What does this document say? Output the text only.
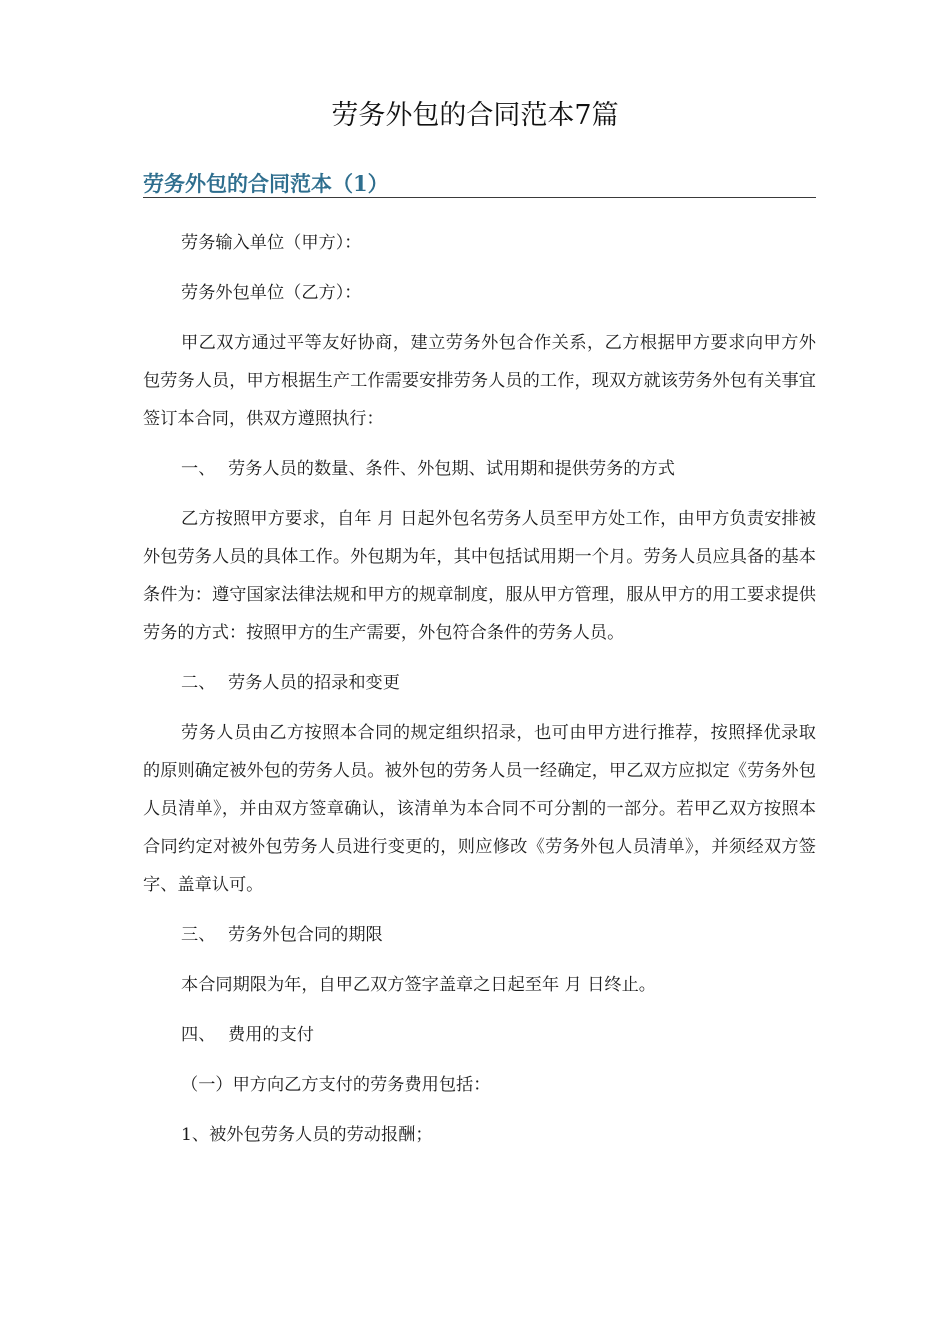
劳务外包的合同范本7篇
劳务外包的合同范本（1）

劳务输入单位（甲方）：

劳务外包单位（乙方）：

甲乙双方通过平等友好协商，建立劳务外包合作关系，乙方根据甲方要求向甲方外包劳务人员，甲方根据生产工作需要安排劳务人员的工作，现双方就该劳务外包有关事宜签订本合同，供双方遵照执行：

一、 劳务人员的数量、条件、外包期、试用期和提供劳务的方式

乙方按照甲方要求，自年 月 日起外包名劳务人员至甲方处工作，由甲方负责安排被外包劳务人员的具体工作。外包期为年，其中包括试用期一个月。劳务人员应具备的基本条件为：遵守国家法律法规和甲方的规章制度，服从甲方管理，服从甲方的用工要求提供劳务的方式：按照甲方的生产需要，外包符合条件的劳务人员。

二、 劳务人员的招录和变更

劳务人员由乙方按照本合同的规定组织招录，也可由甲方进行推荐，按照择优录取的原则确定被外包的劳务人员。被外包的劳务人员一经确定，甲乙双方应拟定《劳务外包人员清单》，并由双方签章确认，该清单为本合同不可分割的一部分。若甲乙双方按照本合同约定对被外包劳务人员进行变更的，则应修改《劳务外包人员清单》，并须经双方签字、盖章认可。

三、 劳务外包合同的期限

本合同期限为年，自甲乙双方签字盖章之日起至年 月 日终止。

四、 费用的支付

（一）甲方向乙方支付的劳务费用包括：

1、被外包劳务人员的劳动报酬；
